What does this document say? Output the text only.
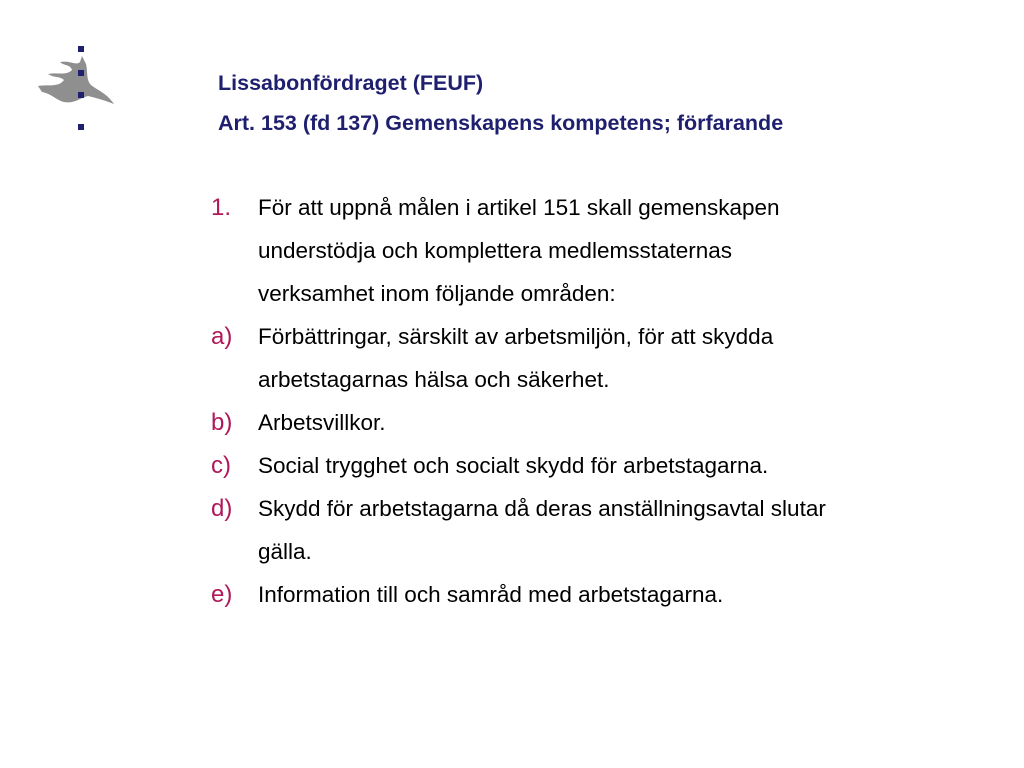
Lissabonfördraget (FEUF)
Art. 153 (fd 137) Gemenskapens kompetens; förfarande
1. För att uppnå målen i artikel 151 skall gemenskapen
understödja och komplettera medlemsstaternas
verksamhet inom följande områden:
a) Förbättringar, särskilt av arbetsmiljön, för att skydda
arbetstagarnas hälsa och säkerhet.
b) Arbetsvillkor.
c) Social trygghet och socialt skydd för arbetstagarna.
d) Skydd för arbetstagarna då deras anställningsavtal slutar
gälla.
e) Information till och samråd med arbetstagarna.
